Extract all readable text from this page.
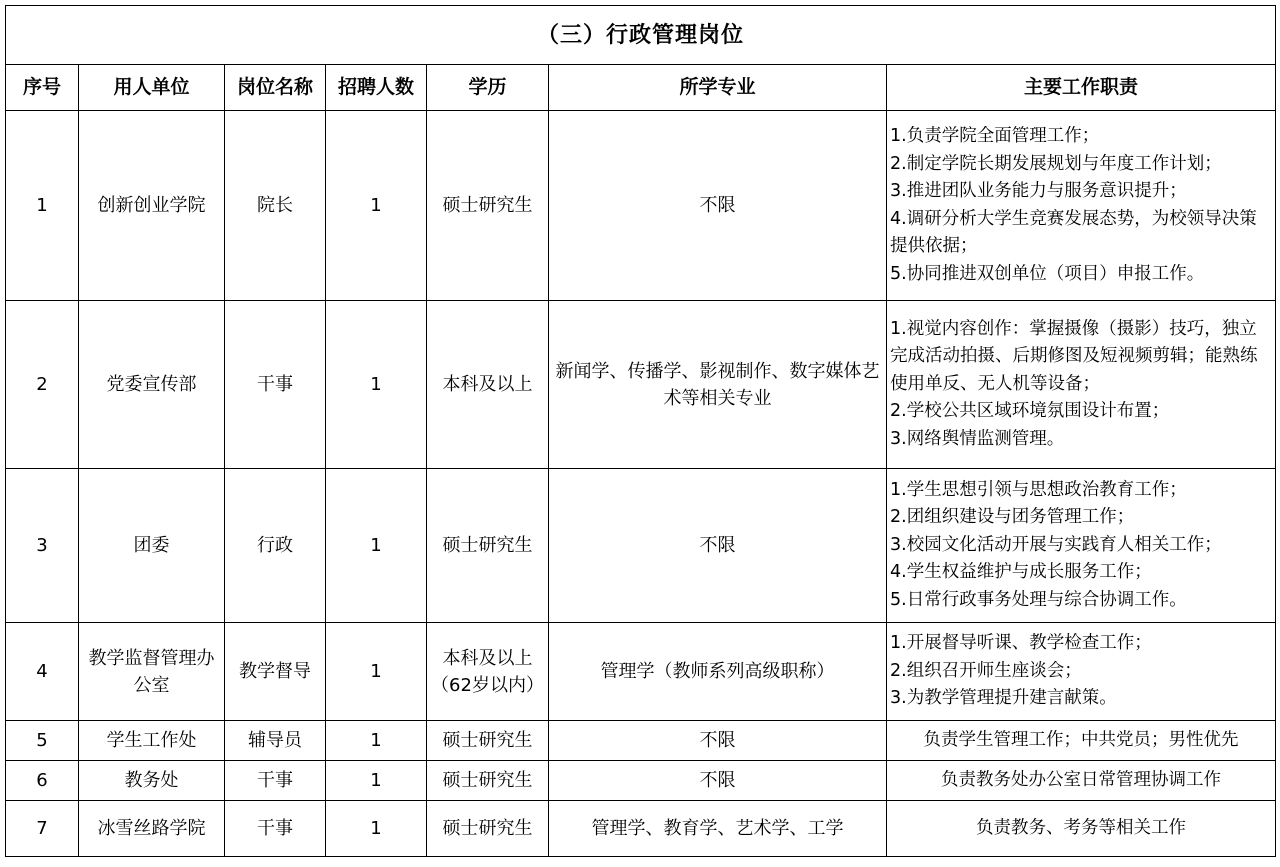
（三）行政管理岗位						
序号	用人单位	岗位名称	招聘人数	学历	所学专业	主要工作职责
1	创新创业学院	院长	1	硕士研究生	不限	1.负责学院全面管理工作；
2.制定学院长期发展规划与年度工作计划；
3.推进团队业务能力与服务意识提升；
4.调研分析大学生竞赛发展态势，为校领导决策提供依据；
5.协同推进双创单位（项目）申报工作。

2	党委宣传部	干事	1	本科及以上	新闻学、传播学、影视制作、数字媒体艺术等相关专业	1.视觉内容创作：掌握摄像（摄影）技巧，独立完成活动拍摄、后期修图及短视频剪辑；能熟练使用单反、无人机等设备；
2.学校公共区域环境氛围设计布置；
3.网络舆情监测管理。

3	团委	行政	1	硕士研究生	不限	1.学生思想引领与思想政治教育工作；
2.团组织建设与团务管理工作；
3.校园文化活动开展与实践育人相关工作；
4.学生权益维护与成长服务工作；
5.日常行政事务处理与综合协调工作。

4	教学监督管理办公室	教学督导	1	本科及以上（62岁以内）	管理学（教师系列高级职称）	1.开展督导听课、教学检查工作；
2.组织召开师生座谈会；
3.为教学管理提升建言献策。

5	学生工作处	辅导员	1	硕士研究生	不限	负责学生管理工作；中共党员；男性优先

6	教务处	干事	1	硕士研究生	不限	负责教务处办公室日常管理协调工作

7	冰雪丝路学院	干事	1	硕士研究生	管理学、教育学、艺术学、工学	负责教务、考务等相关工作
